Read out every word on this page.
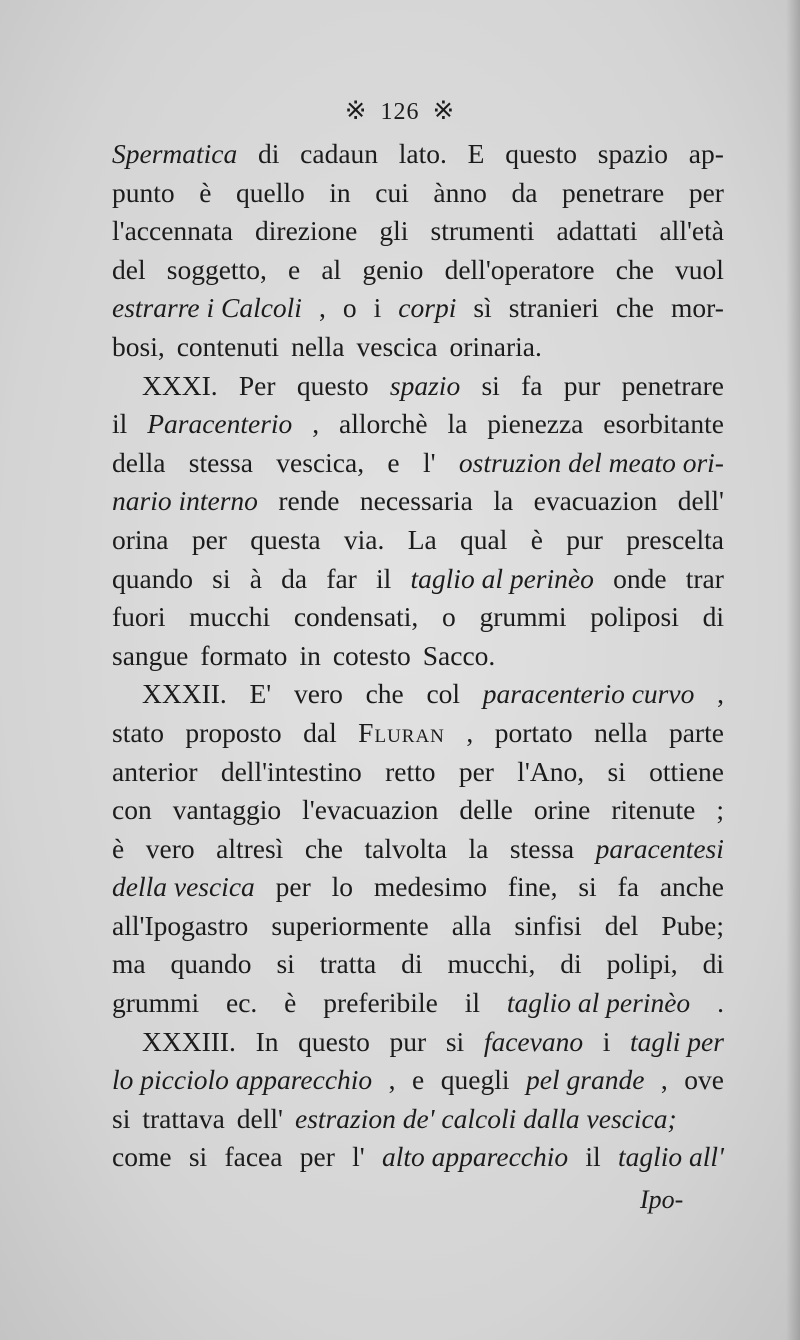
※ 126 ※
Spermatica di cadaun lato. E questo spazio ap-
punto è quello in cui ànno da penetrare per
l'accennata direzione gli strumenti adattati all'età
del soggetto, e al genio dell'operatore che vuol
estrarre i Calcoli , o i corpi sì stranieri che mor-
bosi, contenuti nella vescica orinaria.
XXXI. Per questo spazio si fa pur penetrare
il Paracenterio , allorchè la pienezza esorbitante
della stessa vescica, e l' ostruzion del meato ori-
nario interno rende necessaria la evacuazion dell'
orina per questa via. La qual è pur prescelta
quando si à da far il taglio al perinèo onde trar
fuori mucchi condensati, o grummi poliposi di
sangue formato in cotesto Sacco.
XXXII. E' vero che col paracenterio curvo ,
stato proposto dal Fluran , portato nella parte
anterior dell'intestino retto per l'Ano, si ottiene
con vantaggio l'evacuazion delle orine ritenute ;
è vero altresì che talvolta la stessa paracentesi
della vescica per lo medesimo fine, si fa anche
all'Ipogastro superiormente alla sinfisi del Pube;
ma quando si tratta di mucchi, di polipi, di
grummi ec. è preferibile il taglio al perinèo .
XXXIII. In questo pur si facevano i tagli per
lo picciolo apparecchio , e quegli pel grande , ove
si trattava dell' estrazion de' calcoli dalla vescica;
come si facea per l' alto apparecchio il taglio all'
Ipo-
